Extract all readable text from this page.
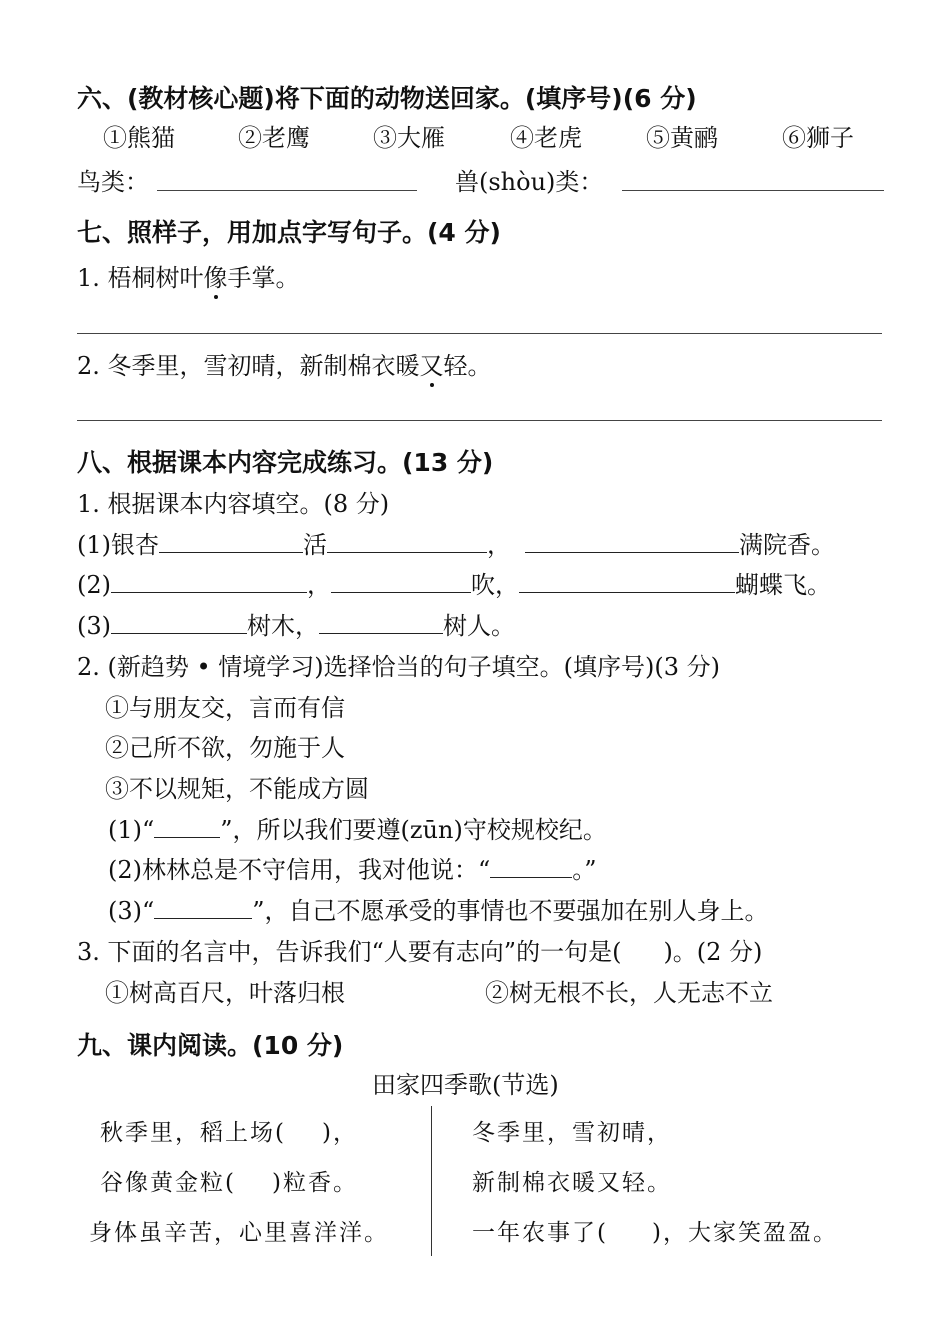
六、(教材核心题)将下面的动物送回家。(填序号)(6 分)
①熊猫	②老鹰	③大雁	④老虎	⑤黄鹂	⑥狮子
鸟类：	兽(shòu)类：
七、照样子，用加点字写句子。(4 分)
1. 梧桐树叶像手掌。
2. 冬季里，雪初晴，新制棉衣暖又轻。
八、根据课本内容完成练习。(13 分)
1. 根据课本内容填空。(8 分)
(1)银杏	活	，	满院香。
(2)	，	吹，	蝴蝶飞。
(3)	树木，	树人。
2. (新趋势 • 情境学习)选择恰当的句子填空。(填序号)(3 分)
①与朋友交，言而有信
②己所不欲，勿施于人
③不以规矩，不能成方圆
(1)“	”，所以我们要遵(zūn)守校规校纪。
(2)林林总是不守信用，我对他说：“	。”
(3)“	”，自己不愿承受的事情也不要强加在别人身上。
3. 下面的名言中，告诉我们“人要有志向”的一句是( )。(2 分)
①树高百尺，叶落归根	②树无根不长，人无志不立
九、课内阅读。(10 分)
田家四季歌(节选)
秋季里，稻上场( )，
谷像黄金粒( )粒香。
身体虽辛苦，心里喜洋洋。
冬季里，雪初晴，
新制棉衣暖又轻。
一年农事了( )，大家笑盈盈。
